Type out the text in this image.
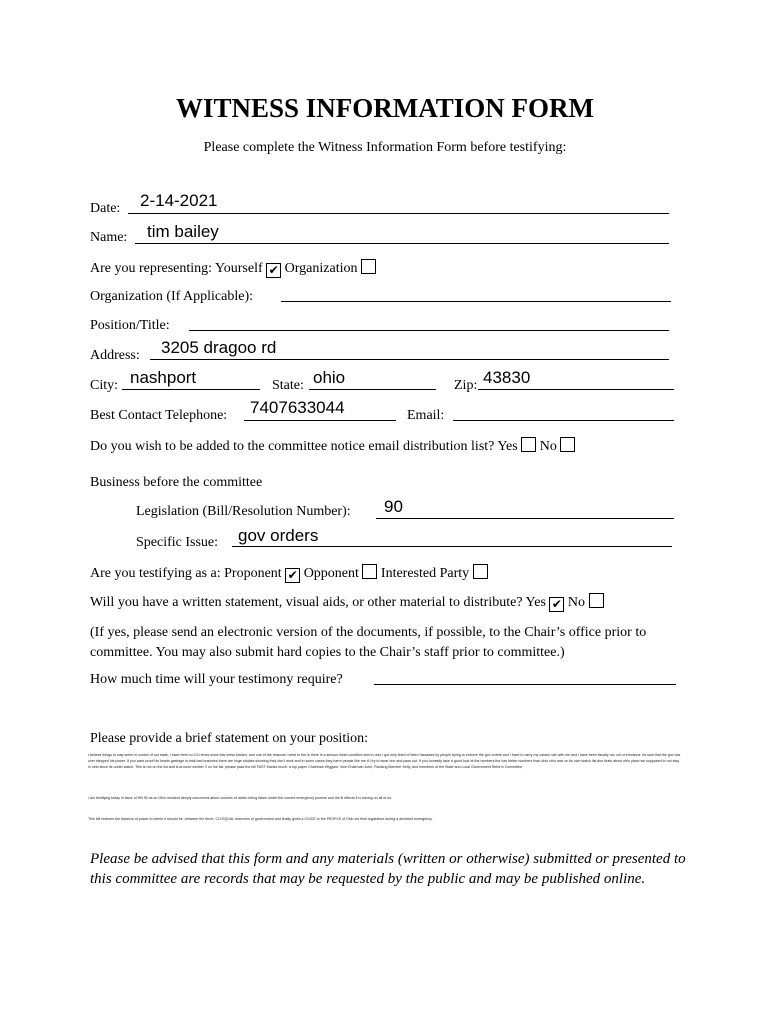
WITNESS INFORMATION FORM
Please complete the Witness Information Form before testifying:
Date: 2-14-2021
Name: tim bailey
Are you representing: Yourself ✔ Organization
Organization (If Applicable):
Position/Title:
Address: 3205 dragoo rd
City: nashport	State: ohio	Zip: 43830
Best Contact Telephone: 7407633044	Email:
Do you wish to be added to the committee notice email distribution list? Yes No
Business before the committee
Legislation (Bill/Resolution Number): 90
Specific Issue: gov orders
Are you testifying as a: Proponent ✔ Opponent Interested Party
Will you have a written statement, visual aids, or other material to distribute? Yes ✔ No
(If yes, please send an electronic version of the documents, if possible, to the Chair’s office prior to committee. You may also submit hard copies to the Chair’s staff prior to committee.)
How much time will your testimony require?
Please provide a brief statement on your position:
I believe things to way seem in control of our state, I have been to ICU times since this mess started, and one of the reasons I went to the is there is a serious heart condition and in ohio I got only fined of been harassed by people trying to enforce the gov orders and I have to carry my values rule with me and I have been fiscally ran out of emotions. Its said that the gov has over stepped his power. If you want proof his heads garbage is total bad business there are huge studies showing they don't work and in some cases they harm people like me if I try to wear one and pass out. If you honestly take a good look at the numbers the has better numbers than ohio ohio was on its own watch list due thats about ohio place we supposed to not stay in ohio since its under watch. This is not on the list and is around number 3 on the list. please pass the bill FAST thanks much. a top paper Chairman Wiggam, Vice Chairman John, Ranking Member Kelly, and members of the State and Local Government Reform Committee,
I am testifying today in favor of HB 90 as an Ohio resident deeply concerned about courses of action being taken under the current emergency powers and the ill effects it is having on all of us.
This bill restores the balance of power to where it should be, between the three, CO-EQUAL branches of government and finally gives a VOICE to the PEOPLE of Ohio via their legislators during a declared emergency.
Please be advised that this form and any materials (written or otherwise) submitted or presented to this committee are records that may be requested by the public and may be published online.
